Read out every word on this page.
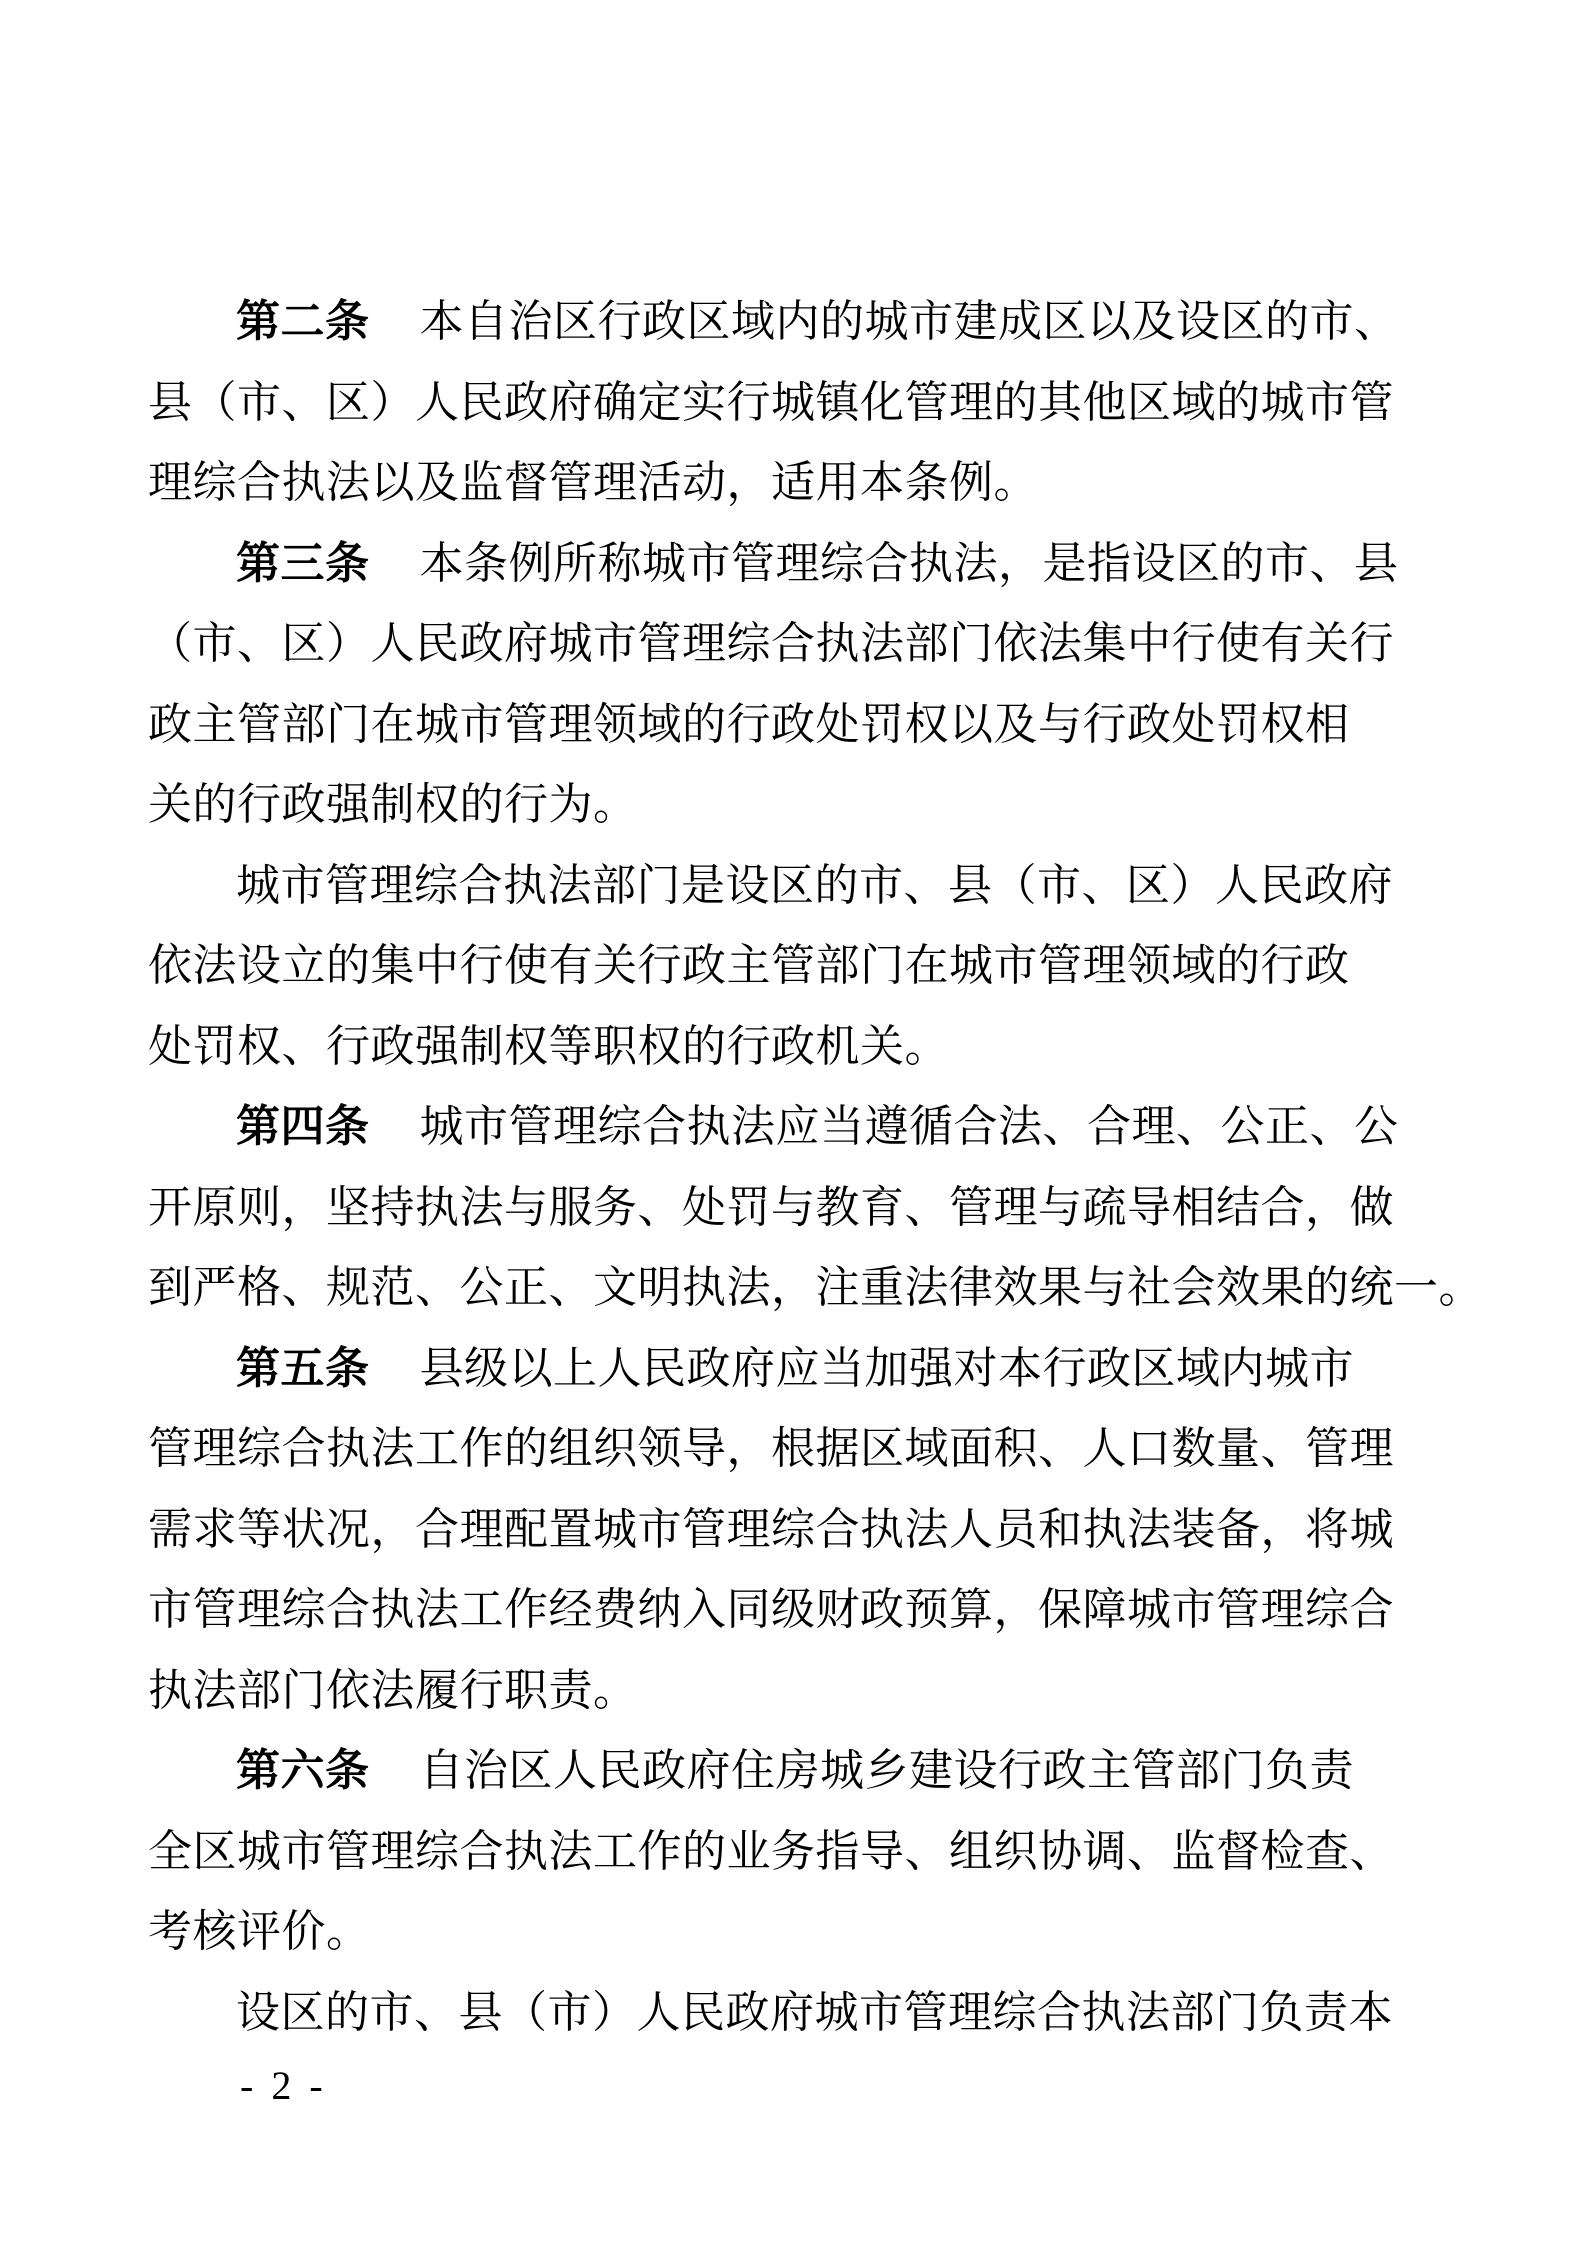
第二条 本自治区行政区域内的城市建成区以及设区的市、
县（市、区）人民政府确定实行城镇化管理的其他区域的城市管
理综合执法以及监督管理活动，适用本条例。
第三条 本条例所称城市管理综合执法，是指设区的市、县
（市、区）人民政府城市管理综合执法部门依法集中行使有关行
政主管部门在城市管理领域的行政处罚权以及与行政处罚权相
关的行政强制权的行为。
城市管理综合执法部门是设区的市、县（市、区）人民政府
依法设立的集中行使有关行政主管部门在城市管理领域的行政
处罚权、行政强制权等职权的行政机关。
第四条 城市管理综合执法应当遵循合法、合理、公正、公
开原则，坚持执法与服务、处罚与教育、管理与疏导相结合，做
到严格、规范、公正、文明执法，注重法律效果与社会效果的统一。
第五条 县级以上人民政府应当加强对本行政区域内城市
管理综合执法工作的组织领导，根据区域面积、人口数量、管理
需求等状况，合理配置城市管理综合执法人员和执法装备，将城
市管理综合执法工作经费纳入同级财政预算，保障城市管理综合
执法部门依法履行职责。
第六条 自治区人民政府住房城乡建设行政主管部门负责
全区城市管理综合执法工作的业务指导、组织协调、监督检查、
考核评价。
设区的市、县（市）人民政府城市管理综合执法部门负责本
- 2 -
